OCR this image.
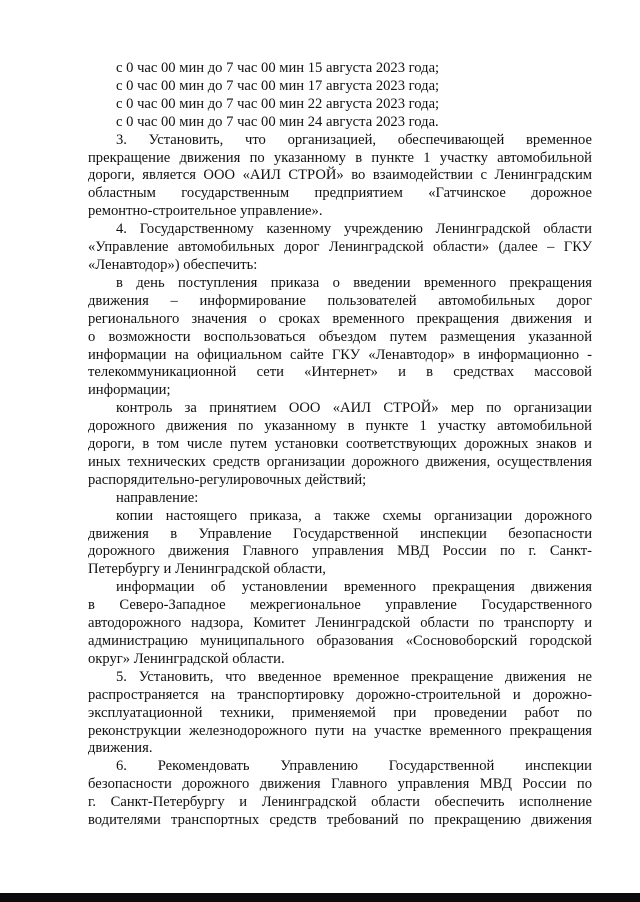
с 0 час 00 мин до 7 час 00 мин 15 августа 2023 года;
с 0 час 00 мин до 7 час 00 мин 17 августа 2023 года;
с 0 час 00 мин до 7 час 00 мин 22 августа 2023 года;
с 0 час 00 мин до 7 час 00 мин 24 августа 2023 года.
3. Установить, что организацией, обеспечивающей временное
прекращение движения по указанному в пункте 1 участку автомобильной
дороги, является ООО «АИЛ СТРОЙ» во взаимодействии с Ленинградским
областным государственным предприятием «Гатчинское дорожное
ремонтно-строительное управление».
4. Государственному казенному учреждению Ленинградской области
«Управление автомобильных дорог Ленинградской области» (далее – ГКУ
«Ленавтодор») обеспечить:
в день поступления приказа о введении временного прекращения
движения – информирование пользователей автомобильных дорог
регионального значения о сроках временного прекращения движения и
о возможности воспользоваться объездом путем размещения указанной
информации на официальном сайте ГКУ «Ленавтодор» в информационно -
телекоммуникационной сети «Интернет» и в средствах массовой
информации;
контроль за принятием ООО «АИЛ СТРОЙ» мер по организации
дорожного движения по указанному в пункте 1 участку автомобильной
дороги, в том числе путем установки соответствующих дорожных знаков и
иных технических средств организации дорожного движения, осуществления
распорядительно-регулировочных действий;
направление:
копии настоящего приказа, а также схемы организации дорожного
движения в Управление Государственной инспекции безопасности
дорожного движения Главного управления МВД России по г. Санкт-
Петербургу и Ленинградской области,
информации об установлении временного прекращения движения
в Северо-Западное межрегиональное управление Государственного
автодорожного надзора, Комитет Ленинградской области по транспорту и
администрацию муниципального образования «Сосновоборский городской
округ» Ленинградской области.
5. Установить, что введенное временное прекращение движения не
распространяется на транспортировку дорожно-строительной и дорожно-
эксплуатационной техники, применяемой при проведении работ по
реконструкции железнодорожного пути на участке временного прекращения
движения.
6. Рекомендовать Управлению Государственной инспекции
безопасности дорожного движения Главного управления МВД России по
г. Санкт-Петербургу и Ленинградской области обеспечить исполнение
водителями транспортных средств требований по прекращению движения
